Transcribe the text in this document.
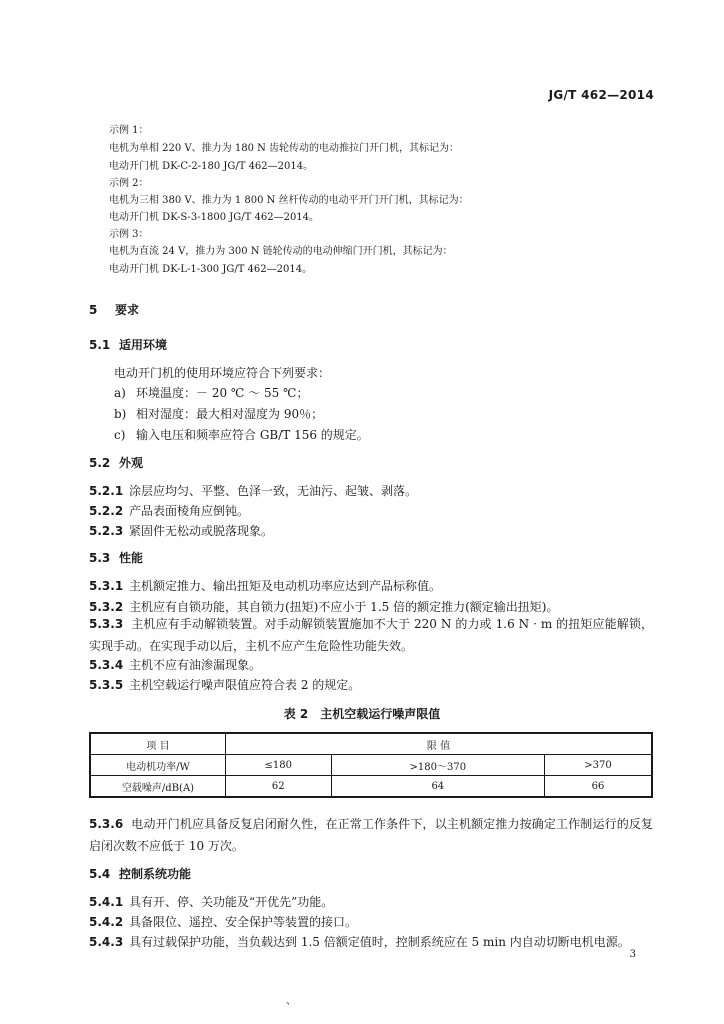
JG/T 462—2014
示例 1：
电机为单相 220 V、推力为 180 N 齿轮传动的电动推拉门开门机，其标记为：
电动开门机 DK-C-2-180 JG/T 462—2014。
示例 2：
电机为三相 380 V、推力为 1 800 N 丝杆传动的电动平开门开门机，其标记为：
电动开门机 DK-S-3-1800 JG/T 462—2014。
示例 3：
电机为直流 24 V，推力为 300 N 链轮传动的电动伸缩门开门机，其标记为：
电动开门机 DK-L-1-300 JG/T 462—2014。
5 要求
5.1 适用环境
电动开门机的使用环境应符合下列要求：
a) 环境温度：－ 20 ℃ ～ 55 ℃；
b) 相对湿度：最大相对湿度为 90％；
c) 输入电压和频率应符合 GB/T 156 的规定。
5.2 外观
5.2.1 涂层应均匀、平整、色泽一致，无油污、起皱、剥落。
5.2.2 产品表面棱角应倒钝。
5.2.3 紧固件无松动或脱落现象。
5.3 性能
5.3.1 主机额定推力、输出扭矩及电动机功率应达到产品标称值。
5.3.2 主机应有自锁功能，其自锁力(扭矩)不应小于 1.5 倍的额定推力(额定输出扭矩)。
5.3.3 主机应有手动解锁装置。对手动解锁装置施加不大于 220 N 的力或 1.6 N · m 的扭矩应能解锁，实现手动。在实现手动以后，主机不应产生危险性功能失效。
5.3.4 主机不应有油渗漏现象。
5.3.5 主机空载运行噪声限值应符合表 2 的规定。
表 2　主机空载运行噪声限值
项 目	限 值		
电动机功率/W	≤180	>180～370	>370
空载噪声/dB(A)	62	64	66
5.3.6 电动开门机应具备反复启闭耐久性，在正常工作条件下，以主机额定推力按确定工作制运行的反复启闭次数不应低于 10 万次。
5.4 控制系统功能
5.4.1 具有开、停、关功能及“开优先”功能。
5.4.2 具备限位、遥控、安全保护等装置的接口。
5.4.3 具有过载保护功能，当负载达到 1.5 倍额定值时，控制系统应在 5 min 内自动切断电机电源。
3
、
